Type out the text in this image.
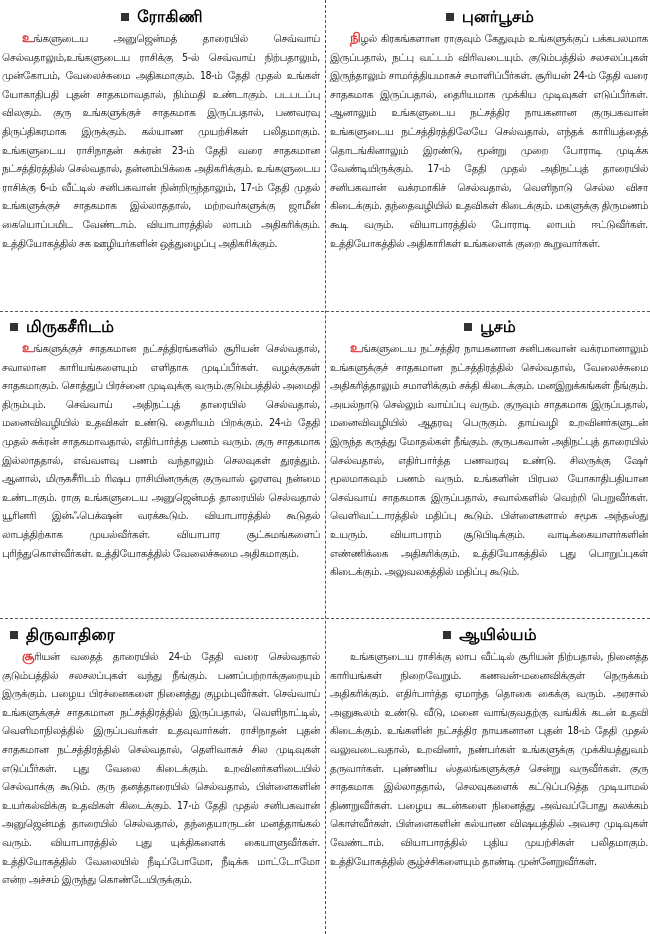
ரோகிணி
உங்களுடைய அனுஜென்மத் தாரையில் செவ்வாய் செல்வதாலும்,உங்களுடைய ராசிக்கு 5-ல் செவ்வாய் நிற்பதாலும், முன்கோபம், வேலைச்சுமை அதிகமாகும். 18-ம் தேதி முதல் உங்கள் யோகாதிபதி புதன் சாதகமாவதால், நிம்மதி உண்டாகும். படபடப்பு விலகும். குரு உங்களுக்குச் சாதகமாக இருப்பதால், பணவரவு திருப்திகரமாக இருக்கும். கல்யாண முயற்சிகள் பலிதமாகும். உங்களுடைய ராசிநாதன் சுக்ரன் 23-ம் தேதி வரை சாதகமான நட்சத்திரத்தில் செல்வதால், தன்னம்பிக்கை அதிகரிக்கும். உங்களுடைய ராசிக்கு 6-ம் வீட்டில் சனிபகவான் நின்றிருந்தாலும், 17-ம் தேதி முதல் உங்களுக்குச் சாதகமாக இல்லாததால், மற்றவர்களுக்கு ஜாமீன் கையொப்பமிட வேண்டாம். வியாபாரத்தில் லாபம் அதிகரிக்கும். உத்தியோகத்தில் சக ஊழியர்களின் ஒத்துழைப்பு அதிகரிக்கும்.
புனர்பூசம்
நிழல் கிரகங்களான ராகுவும் கேதுவும் உங்களுக்குப் பக்கபலமாக இருப்பதால், நட்பு வட்டம் விரிவடையும். குடும்பத்தில் சலசலப்புகள் இருந்தாலும் சாமர்த்தியமாகச் சமாளிப்பீர்கள். சூரியன் 24-ம் தேதி வரை சாதகமாக இருப்பதால், தைரியமாக முக்கிய முடிவுகள் எடுப்பீர்கள். ஆனாலும் உங்களுடைய நட்சத்திர நாயகனான குருபகவான் உங்களுடைய நட்சத்திரத்திலேயே செல்வதால், எந்தக் காரியத்தைத் தொடங்கினாலும் இரண்டு, மூன்று முறை போராடி முடிக்க வேண்டியிருக்கும். 17-ம் தேதி முதல் அதிநட்புத் தாரையில் சனிபகவான் வக்ரமாகிச் செல்வதால், வெளிநாடு செல்ல விசா கிடைக்கும். தந்தைவழியில் உதவிகள் கிடைக்கும். மகளுக்கு திருமணம் கூடி வரும். வியாபாரத்தில் போராடி லாபம் ஈட்டுவீர்கள். உத்தியோகத்தில் அதிகாரிகள் உங்களைக் குறை கூறுவார்கள்.
மிருகசீரிடம்
உங்களுக்குச் சாதகமான நட்சத்திரங்களில் சூரியன் செல்வதால், சவாலான காரியங்களையும் எளிதாக முடிப்பீர்கள். வழக்குகள் சாதகமாகும். சொத்துப் பிரச்னை முடிவுக்கு வரும்.குடும்பத்தில் அமைதி திரும்பும். செவ்வாய் அதிநட்புத் தாரையில் செல்வதால், மனைவிவழியில் உதவிகள் உண்டு. தைரியம் பிறக்கும். 24-ம் தேதி முதல் சுக்ரன் சாதகமாவதால், எதிர்பார்த்த பணம் வரும். குரு சாதகமாக இல்லாததால், எவ்வளவு பணம் வந்தாலும் செலவுகள் துரத்தும். ஆனால், மிருகசீரிடம் ரிஷப ராசியினருக்கு குருவால் ஓரளவு நன்மை உண்டாகும். ராகு உங்களுடைய அனுஜென்மத் தாரையில் செல்வதால் யூரினரி இன்ஃபெக்‌ஷன் வரக்கூடும். வியாபாரத்தில் கூடுதல் லாபத்திற்காக முயல்வீர்கள். வியாபார சூட்சுமங்களைப் புரிந்துகொள்வீர்கள். உத்தியோகத்தில் வேலைச்சுமை அதிகமாகும்.
பூசம்
உங்களுடைய நட்சத்திர நாயகனான சனிபகவான் வக்ரமானாலும் உங்களுக்குச் சாதகமான நட்சத்திரத்தில் செல்வதால், வேலைச்சுமை அதிகரித்தாலும் சமாளிக்கும் சக்தி கிடைக்கும். மனஇறுக்கங்கள் நீங்கும். அயல்நாடு செல்லும் வாய்ப்பு வரும். குருவும் சாதகமாக இருப்பதால், மனைவிவழியில் ஆதரவு பெருகும். தாய்வழி உறவினர்களுடன் இருந்த கருத்து மோதல்கள் நீங்கும். குருபகவான் அதிநட்புத் தாரையில் செல்வதால், எதிர்பார்த்த பணவரவு உண்டு. சிலருக்கு ஷேர் மூலமாகவும் பணம் வரும். உங்களின் பிரபல யோகாதிபதியான செவ்வாய் சாதகமாக இருப்பதால், சவால்களில் வெற்றி பெறுவீர்கள். வெளிவட்டாரத்தில் மதிப்பு கூடும். பிள்ளைகளால் சமூக அந்தஸ்து உயரும். வியாபாரம் சூடுபிடிக்கும். வாடிக்கையாளர்களின் எண்ணிக்கை அதிகரிக்கும். உத்தியோகத்தில் புது பொறுப்புகள் கிடைக்கும். அலுவலகத்தில் மதிப்பு கூடும்.
திருவாதிரை
சூரியன் வதைத் தாரையில் 24-ம் தேதி வரை செல்வதால் குடும்பத்தில் சலசலப்புகள் வந்து நீங்கும். பணப்பற்றாக்குறையும் இருக்கும். பழைய பிரச்னைகளை நினைத்து குழம்புவீர்கள். செவ்வாய் உங்களுக்குச் சாதகமான நட்சத்திரத்தில் இருப்பதால், வெளிநாட்டில், வெளிமாநிலத்தில் இருப்பவர்கள் உதவுவார்கள். ராசிநாதன் புதன் சாதகமான நட்சத்திரத்தில் செல்வதால், தெளிவாகச் சில முடிவுகள் எடுப்பீர்கள். புது வேலை கிடைக்கும். உறவினர்களிடையில் செல்வாக்கு கூடும். குரு தனத்தாரையில் செல்வதால், பிள்ளைகளின் உயர்கல்விக்கு உதவிகள் கிடைக்கும். 17-ம் தேதி முதல் சனிபகவான் அனுஜென்மத் தாரையில் செல்வதால், தந்தையாருடன் மனத்தாங்கல் வரும். வியாபாரத்தில் புது யுக்திகளைக் கையாளுவீர்கள். உத்தியோகத்தில் வேலையில் நீடிப்போமோ, நீடிக்க மாட்டோமோ என்ற அச்சம் இருந்து கொண்டேயிருக்கும்.
ஆயில்யம்
உங்களுடைய ராசிக்கு லாப வீட்டில் சூரியன் நிற்பதால், நினைத்த காரியங்கள் நிறைவேறும். கணவன்-மனைவிக்குள் நெருக்கம் அதிகரிக்கும். எதிர்பார்த்த ஏமாந்த தொகை கைக்கு வரும். அரசால் அனுகூலம் உண்டு. வீடு, மனை வாங்குவதற்கு வங்கிக் கடன் உதவி கிடைக்கும். உங்களின் நட்சத்திர நாயகனான புதன் 18-ம் தேதி முதல் வலுவடைவதால், உறவினர், நண்பர்கள் உங்களுக்கு முக்கியத்துவம் தருவார்கள். புண்ணிய ஸ்தலங்களுக்குச் சென்று வருவீர்கள். குரு சாதகமாக இல்லாததால், செலவுகளைக் கட்டுப்படுத்த முடியாமல் திணறுவீர்கள். பழைய கடன்களை நினைத்து அவ்வப்போது கலக்கம் கொள்வீர்கள். பிள்ளைகளின் கல்யாண விஷயத்தில் அவசர முடிவுகள் வேண்டாம். வியாபாரத்தில் புதிய முயற்சிகள் பலிதமாகும். உத்தியோகத்தில் சூழ்ச்சிகளையும் தாண்டி முன்னேறுவீர்கள்.
